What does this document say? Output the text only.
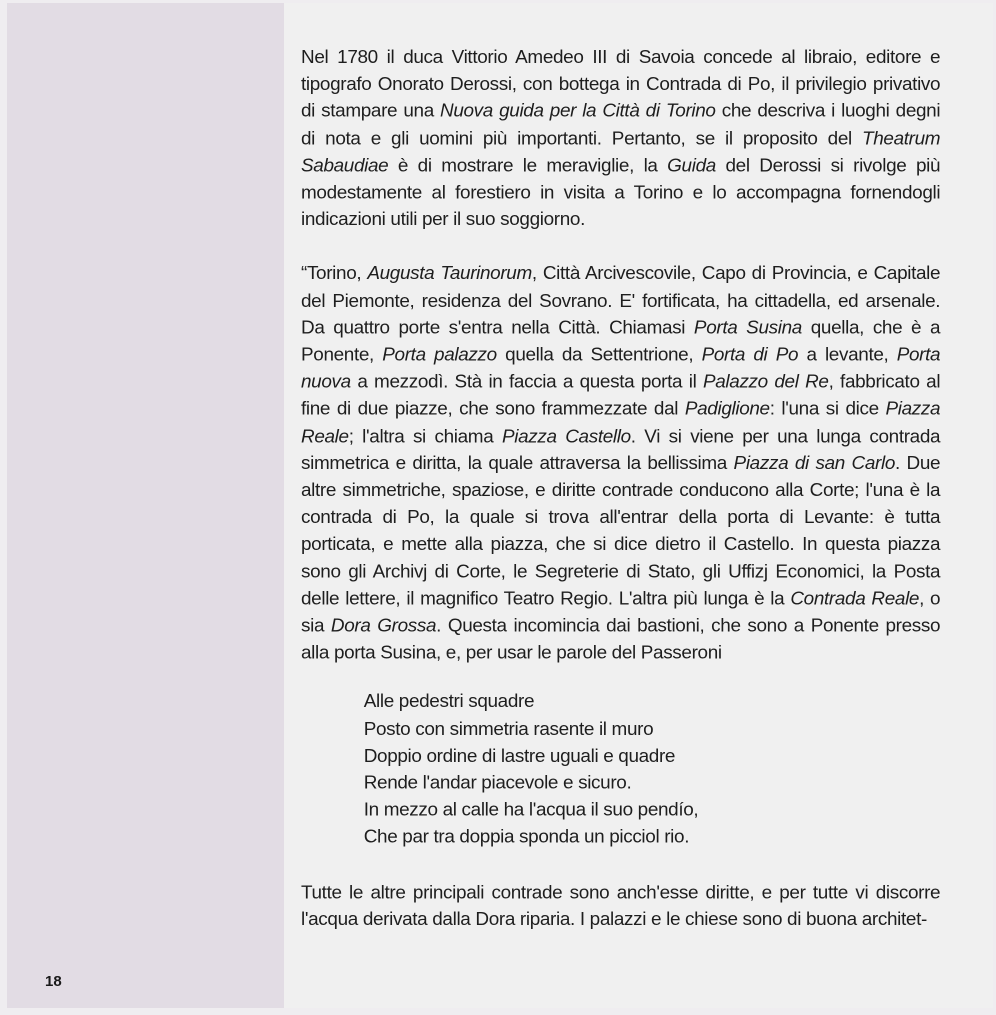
18

Nel 1780 il duca Vittorio Amedeo III di Savoia concede al libraio, editore e tipografo Onorato Derossi, con bottega in Contrada di Po, il privilegio privativo di stampare una Nuova guida per la Città di Torino che descriva i luoghi degni di nota e gli uomini più importanti. Pertanto, se il proposito del Theatrum Sabaudiae è di mostrare le meraviglie, la Guida del Derossi si rivolge più modestamente al forestiero in visita a Torino e lo accompagna fornendogli indicazioni utili per il suo soggiorno.

“Torino, Augusta Taurinorum, Città Arcivescovile, Capo di Provincia, e Capitale del Piemonte, residenza del Sovrano. E' fortificata, ha cittadella, ed arsenale. Da quattro porte s'entra nella Città. Chiamasi Porta Susina quella, che è a Ponente, Porta palazzo quella da Settentrione, Porta di Po a levante, Porta nuova a mezzodì. Stà in faccia a questa porta il Palazzo del Re, fabbricato al fine di due piazze, che sono frammezzate dal Padiglione: l'una si dice Piazza Reale; l'altra si chiama Piazza Castello. Vi si viene per una lunga contrada simmetrica e diritta, la quale attraversa la bellissima Piazza di san Carlo. Due altre simmetriche, spaziose, e diritte contrade conducono alla Corte; l'una è la contrada di Po, la quale si trova all'entrar della porta di Levante: è tutta porticata, e mette alla piazza, che si dice dietro il Castello. In questa piazza sono gli Archivj di Corte, le Segreterie di Stato, gli Uffizj Economici, la Posta delle lettere, il magnifico Teatro Regio. L'altra più lunga è la Contrada Reale, o sia Dora Grossa. Questa incomincia dai bastioni, che sono a Ponente presso alla porta Susina, e, per usar le parole del Passeroni

Alle pedestri squadre
Posto con simmetria rasente il muro
Doppio ordine di lastre uguali e quadre
Rende l'andar piacevole e sicuro.
In mezzo al calle ha l'acqua il suo pendío,
Che par tra doppia sponda un picciol rio.

Tutte le altre principali contrade sono anch'esse diritte, e per tutte vi discorre l'acqua derivata dalla Dora riparia. I palazzi e le chiese sono di buona architet-
